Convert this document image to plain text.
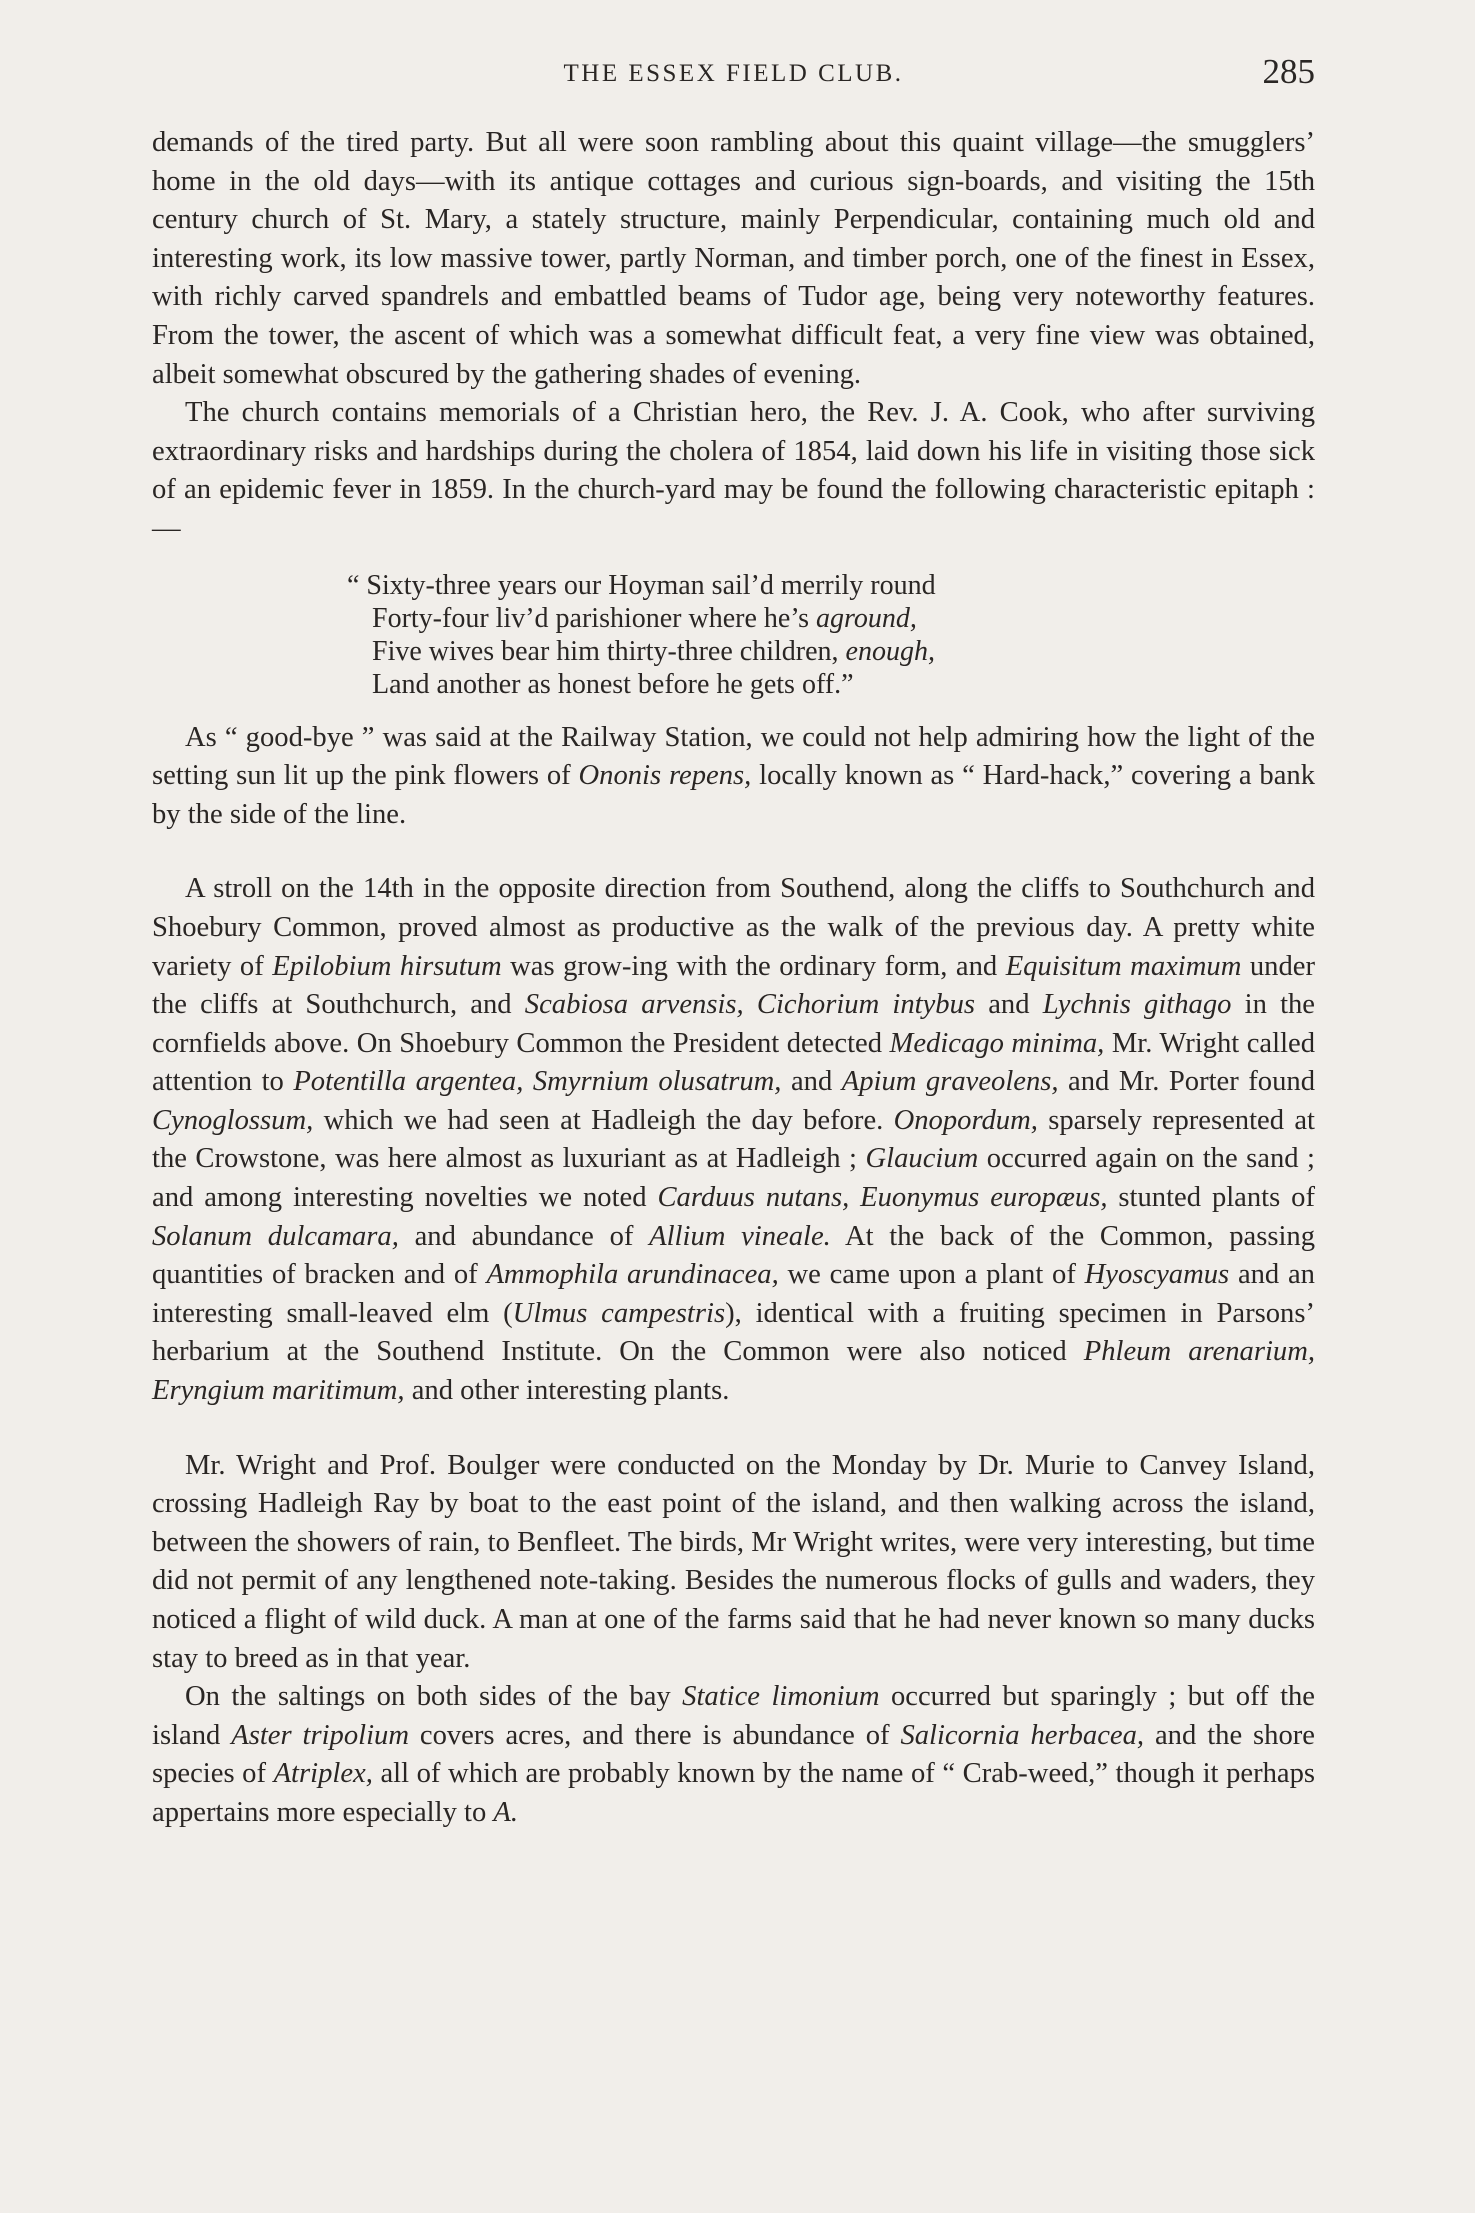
THE ESSEX FIELD CLUB.	285

demands of the tired party. But all were soon rambling about this quaint village—the smugglers’ home in the old days—with its antique cottages and curious sign-boards, and visiting the 15th century church of St. Mary, a stately structure, mainly Perpendicular, containing much old and interesting work, its low massive tower, partly Norman, and timber porch, one of the finest in Essex, with richly carved spandrels and embattled beams of Tudor age, being very noteworthy features. From the tower, the ascent of which was a somewhat difficult feat, a very fine view was obtained, albeit somewhat obscured by the gathering shades of evening.

The church contains memorials of a Christian hero, the Rev. J. A. Cook, who after surviving extraordinary risks and hardships during the cholera of 1854, laid down his life in visiting those sick of an epidemic fever in 1859. In the church-yard may be found the following characteristic epitaph :—

“ Sixty-three years our Hoyman sail’d merrily round
Forty-four liv’d parishioner where he’s aground,
Five wives bear him thirty-three children, enough,
Land another as honest before he gets off.”

As “ good-bye ” was said at the Railway Station, we could not help admiring how the light of the setting sun lit up the pink flowers of Ononis repens, locally known as “ Hard-hack,” covering a bank by the side of the line.

A stroll on the 14th in the opposite direction from Southend, along the cliffs to Southchurch and Shoebury Common, proved almost as productive as the walk of the previous day. A pretty white variety of Epilobium hirsutum was grow-ing with the ordinary form, and Equisitum maximum under the cliffs at Southchurch, and Scabiosa arvensis, Cichorium intybus and Lychnis githago in the cornfields above. On Shoebury Common the President detected Medicago minima, Mr. Wright called attention to Potentilla argentea, Smyrnium olusatrum, and Apium graveolens, and Mr. Porter found Cynoglossum, which we had seen at Hadleigh the day before. Onopordum, sparsely represented at the Crowstone, was here almost as luxuriant as at Hadleigh ; Glaucium occurred again on the sand ; and among interesting novelties we noted Carduus nutans, Euonymus europæus, stunted plants of Solanum dulcamara, and abundance of Allium vineale. At the back of the Common, passing quantities of bracken and of Ammophila arundinacea, we came upon a plant of Hyoscyamus and an interesting small-leaved elm (Ulmus campestris), identical with a fruiting specimen in Parsons’ herbarium at the Southend Institute. On the Common were also noticed Phleum arenarium, Eryngium maritimum, and other interesting plants.

Mr. Wright and Prof. Boulger were conducted on the Monday by Dr. Murie to Canvey Island, crossing Hadleigh Ray by boat to the east point of the island, and then walking across the island, between the showers of rain, to Benfleet. The birds, Mr Wright writes, were very interesting, but time did not permit of any lengthened note-taking. Besides the numerous flocks of gulls and waders, they noticed a flight of wild duck. A man at one of the farms said that he had never known so many ducks stay to breed as in that year.

On the saltings on both sides of the bay Statice limonium occurred but sparingly ; but off the island Aster tripolium covers acres, and there is abundance of Salicornia herbacea, and the shore species of Atriplex, all of which are probably known by the name of “ Crab-weed,” though it perhaps appertains more especially to A.
